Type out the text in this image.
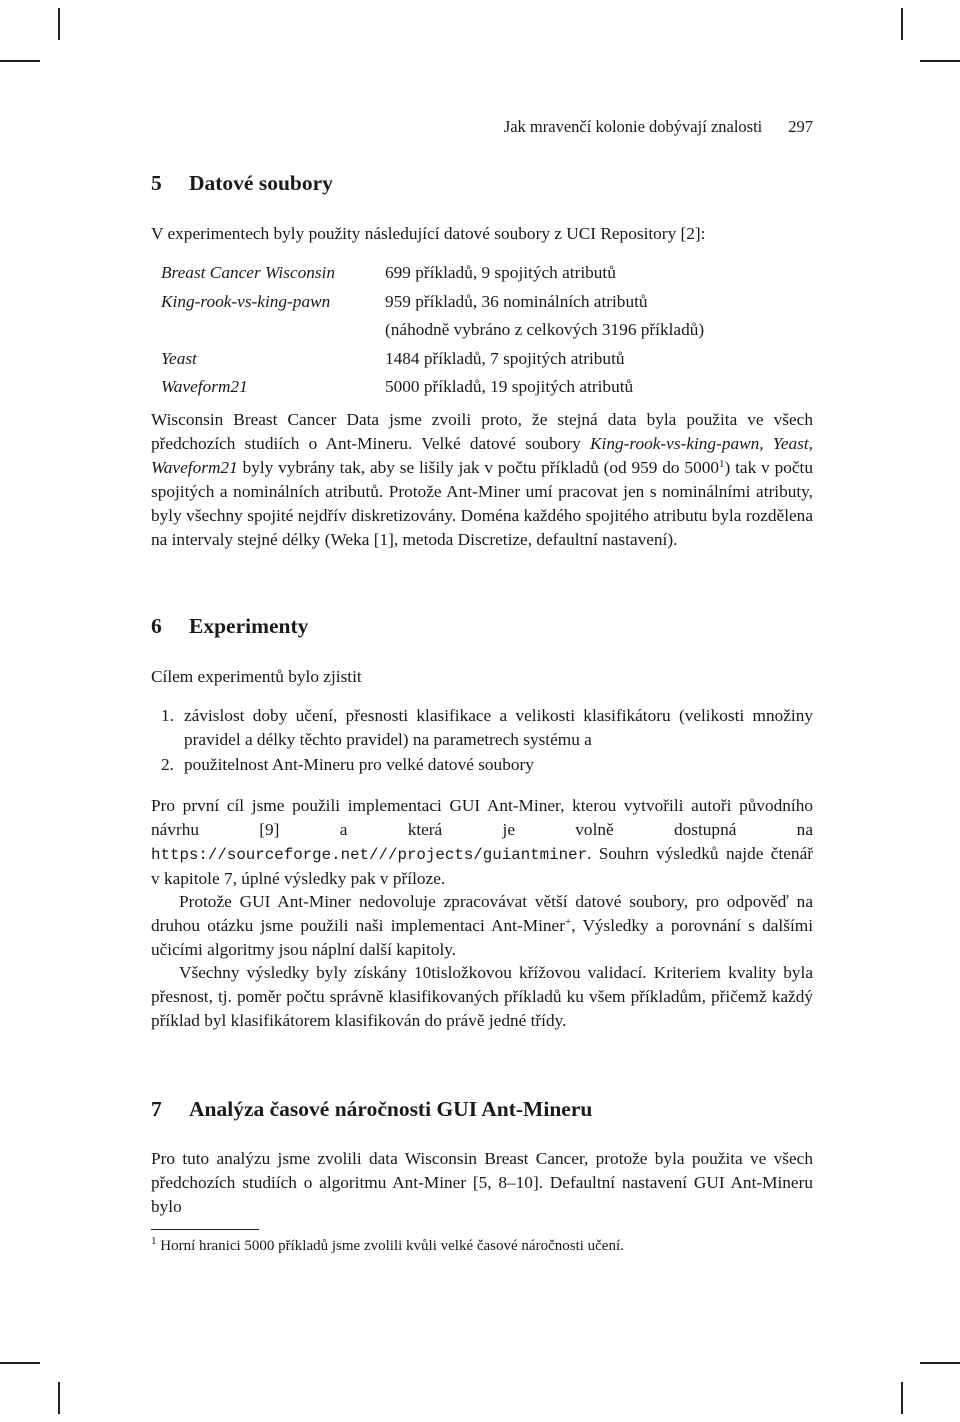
Jak mravenčí kolonie dobývají znalosti 297
5 Datové soubory

V experimentech byly použity následující datové soubory z UCI Repository [2]:

Breast Cancer Wisconsin	699 příkladů, 9 spojitých atributů
King-rook-vs-king-pawn	959 příkladů, 36 nominálních atributů
(náhodně vybráno z celkových 3196 příkladů)
Yeast	1484 příkladů, 7 spojitých atributů
Waveform21	5000 příkladů, 19 spojitých atributů

Wisconsin Breast Cancer Data jsme zvoili proto, že stejná data byla použita ve všech předchozích studiích o Ant-Mineru. Velké datové soubory King-rook-vs-king-pawn, Yeast, Waveform21 byly vybrány tak, aby se lišily jak v počtu příkladů (od 959 do 5000$^1$) tak v počtu spojitých a nominálních atributů. Protože Ant-Miner umí pracovat jen s nominálními atributy, byly všechny spojité nejdřív diskretizovány. Doména každého spojitého atributu byla rozdělena na intervaly stejné délky (Weka [1], metoda Discretize, defaultní nastavení).

6 Experimenty

Cílem experimentů bylo zjistit

1. závislost doby učení, přesnosti klasifikace a velikosti klasifikátoru (velikosti množiny pravidel a délky těchto pravidel) na parametrech systému a
2. použitelnost Ant-Mineru pro velké datové soubory

Pro první cíl jsme použili implementaci GUI Ant-Miner, kterou vytvořili autoři původního návrhu [9] a která je volně dostupná na https://sourceforge.net///projects/guiantminer. Souhrn výsledků najde čtenář v kapitole 7, úplné výsledky pak v příloze.

Protože GUI Ant-Miner nedovoluje zpracovávat větší datové soubory, pro odpověď na druhou otázku jsme použili naši implementaci Ant-Miner+, Výsledky a porovnání s dalšími učicími algoritmy jsou náplní další kapitoly.

Všechny výsledky byly získány 10tisložkovou křížovou validací. Kriteriem kvality byla přesnost, tj. poměr počtu správně klasifikovaných příkladů ku všem příkladům, přičemž každý příklad byl klasifikátorem klasifikován do právě jedné třídy.

7 Analýza časové náročnosti GUI Ant-Mineru

Pro tuto analýzu jsme zvolili data Wisconsin Breast Cancer, protože byla použita ve všech předchozích studiích o algoritmu Ant-Miner [5, 8–10]. Defaultní nastavení GUI Ant-Mineru bylo

$^1$ Horní hranici 5000 příkladů jsme zvolili kvůli velké časové náročnosti učení.
